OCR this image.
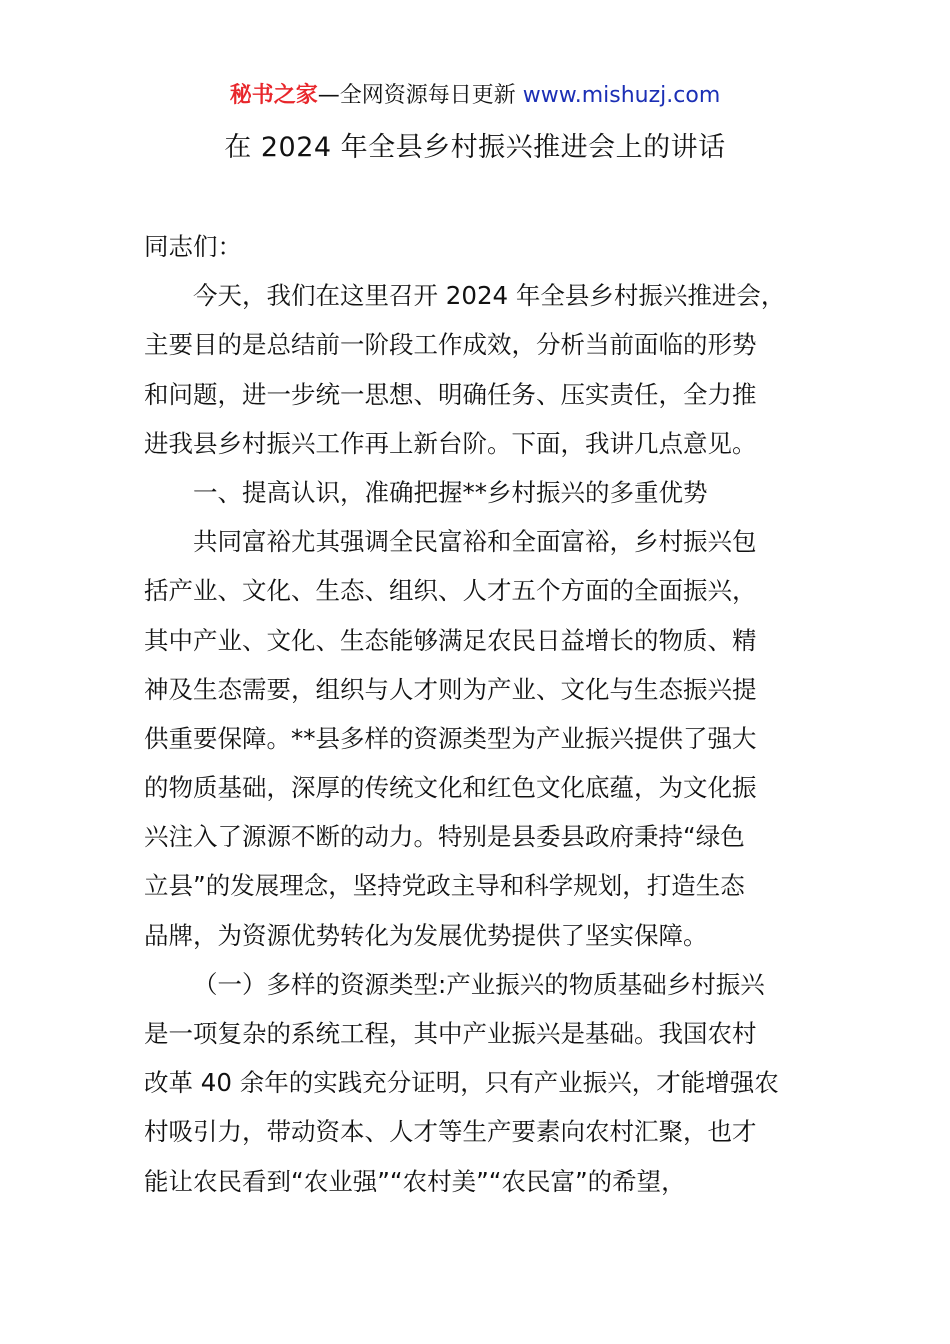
秘书之家—全网资源每日更新 www.mishuzj.com
在 2024 年全县乡村振兴推进会上的讲话
同志们：
今天，我们在这里召开 2024 年全县乡村振兴推进会，
主要目的是总结前一阶段工作成效，分析当前面临的形势
和问题，进一步统一思想、明确任务、压实责任，全力推
进我县乡村振兴工作再上新台阶。下面，我讲几点意见。
一、提高认识，准确把握**乡村振兴的多重优势
共同富裕尤其强调全民富裕和全面富裕，乡村振兴包
括产业、文化、生态、组织、人才五个方面的全面振兴，
其中产业、文化、生态能够满足农民日益增长的物质、精
神及生态需要，组织与人才则为产业、文化与生态振兴提
供重要保障。**县多样的资源类型为产业振兴提供了强大
的物质基础，深厚的传统文化和红色文化底蕴，为文化振
兴注入了源源不断的动力。特别是县委县政府秉持“绿色
立县”的发展理念，坚持党政主导和科学规划，打造生态
品牌，为资源优势转化为发展优势提供了坚实保障。
（一）多样的资源类型:产业振兴的物质基础乡村振兴
是一项复杂的系统工程，其中产业振兴是基础。我国农村
改革 40 余年的实践充分证明，只有产业振兴，才能增强农
村吸引力，带动资本、人才等生产要素向农村汇聚，也才
能让农民看到“农业强”“农村美”“农民富”的希望，
